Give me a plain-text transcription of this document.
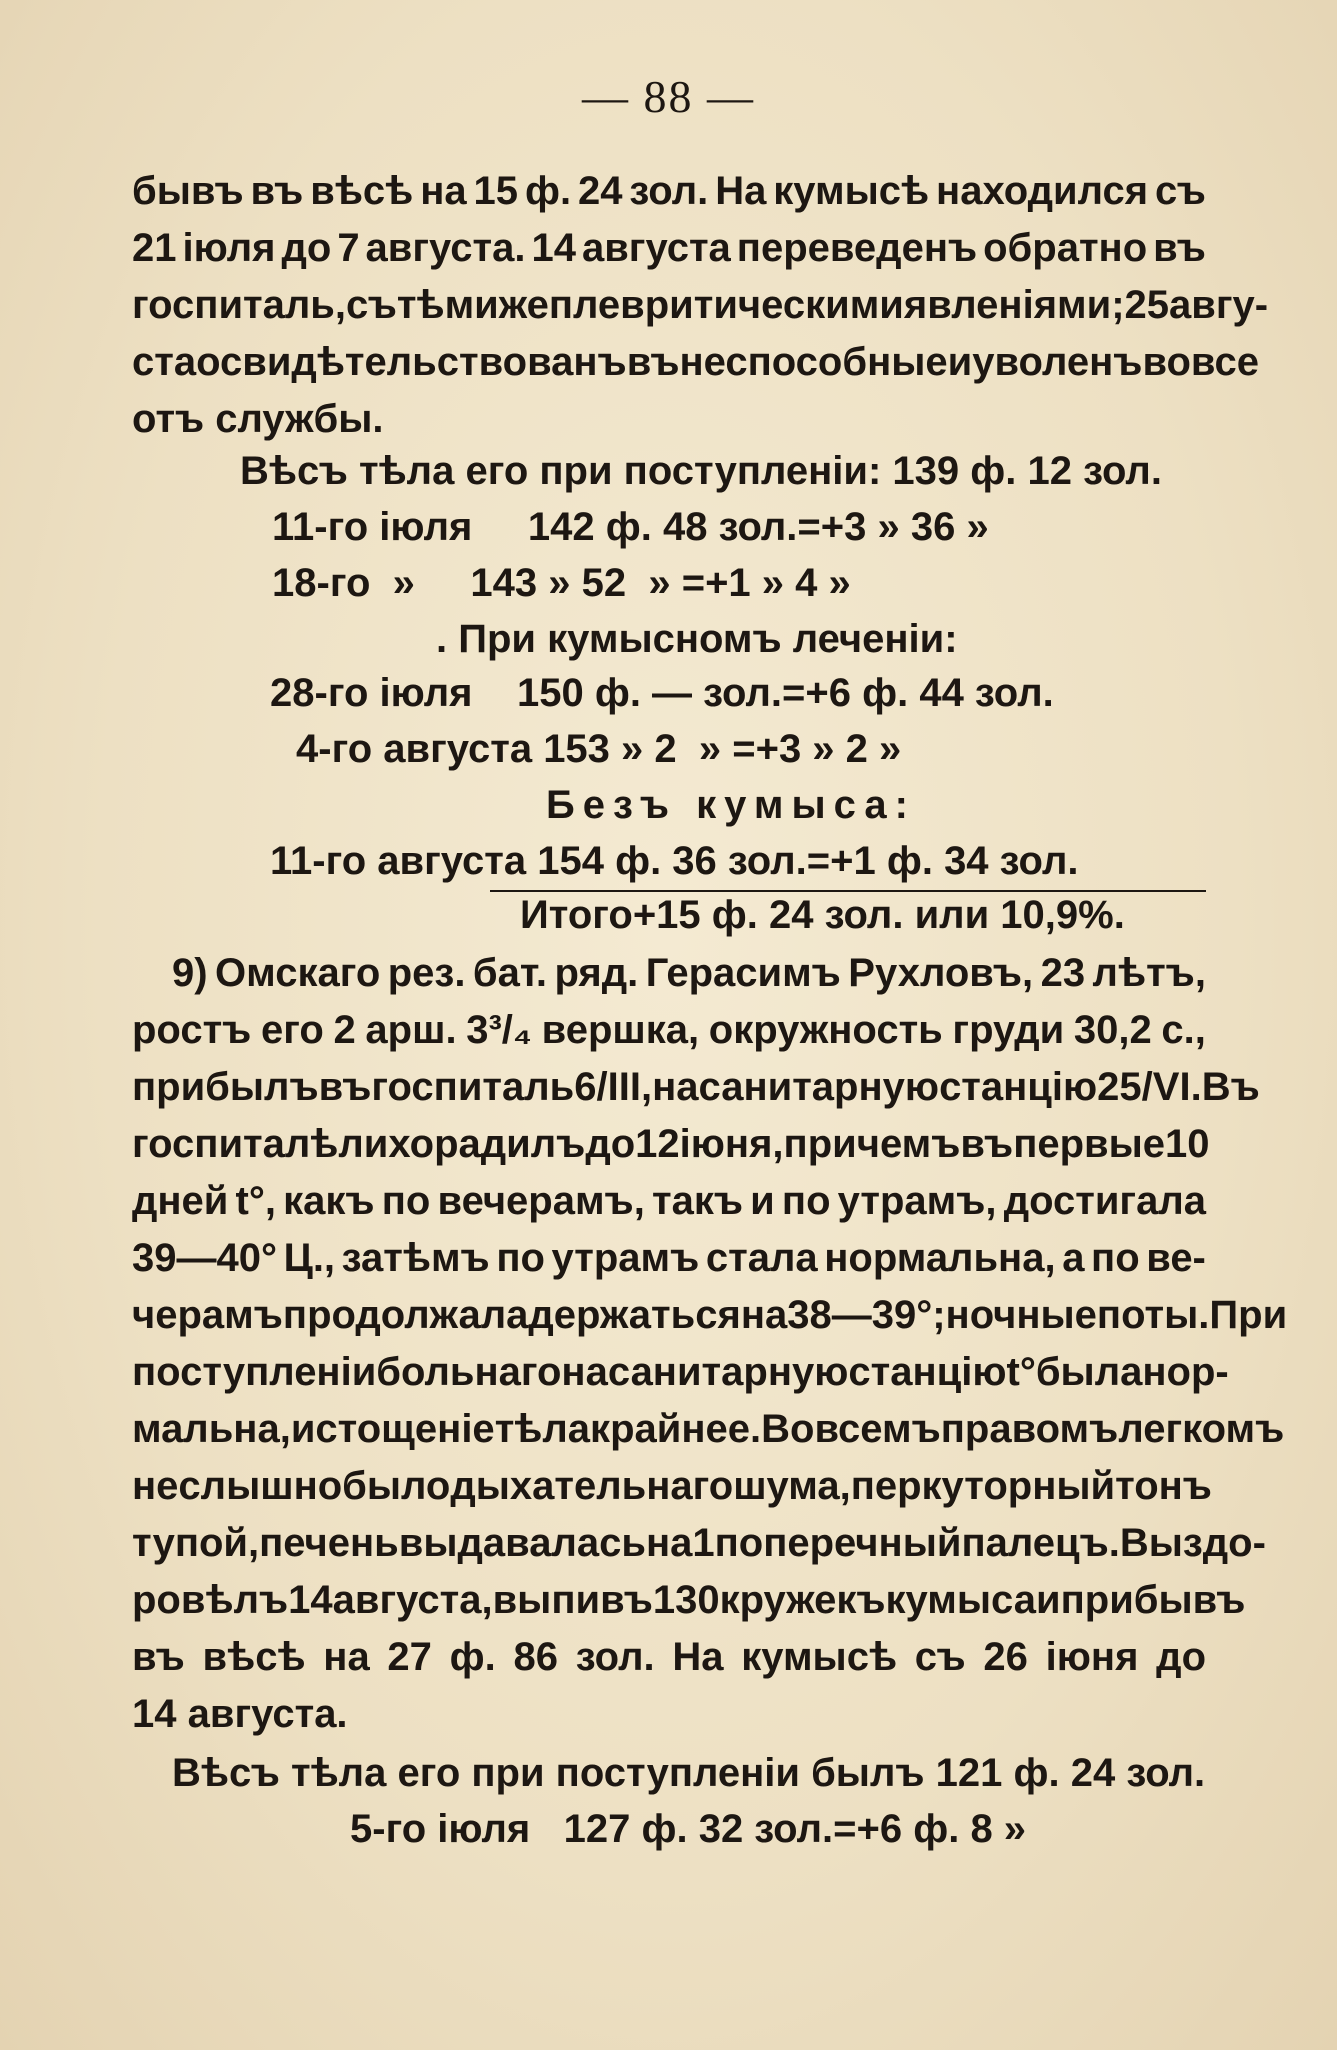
— 88 —
бывъ въ вѣсѣ на 15 ф. 24 зол. На кумысѣ находился съ
21 іюля до 7 августа. 14 августа переведенъ обратно въ
госпиталь, съ тѣми же плевритическими явленіями; 25 авгу-
ста освидѣтельствованъ въ неспособные и уволенъ вовсе
отъ службы.
Вѣсъ тѣла его при поступленіи: 139 ф. 12 зол.
11-го іюля     142 ф. 48 зол.=+3 » 36 »
18-го  »     143 » 52  » =+1 » 4 »
. При кумысномъ леченіи:
28-го іюля    150 ф. — зол.=+6 ф. 44 зол.
4-го августа 153 » 2  » =+3 » 2 »
Безъ кумыса:
11-го августа 154 ф. 36 зол.=+1 ф. 34 зол.
Итого+15 ф. 24 зол. или 10,9%.
9) Омскаго рез. бат. ряд. Герасимъ Рухловъ, 23 лѣтъ,
ростъ его 2 арш. 3³/₄ вершка, окружность груди 30,2 с.,
прибылъ въ госпиталь 6/III, на санитарную станцію 25/VI. Въ
госпиталѣ лихорадилъ до 12 іюня, при чемъ въ первые 10
дней t°, какъ по вечерамъ, такъ и по утрамъ, достигала
39—40° Ц., затѣмъ по утрамъ стала нормальна, а по ве-
черамъ продолжала держаться на 38—39°; ночные поты. При
поступленіи больнаго на санитарную станцію t° была нор-
мальна, истощеніе тѣла крайнее. Во всемъ правомъ легкомъ
не слышно было дыхательнаго шума, перкуторный тонъ
тупой, печень выдавалась на 1 поперечный палецъ. Выздо-
ровѣлъ 14 августа, выпивъ 130 кружекъ кумыса и прибывъ
въ вѣсѣ на 27 ф. 86 зол. На кумысѣ съ 26 іюня до
14 августа.
Вѣсъ тѣла его при поступленіи былъ 121 ф. 24 зол.
5-го іюля   127 ф. 32 зол.=+6 ф. 8 »
